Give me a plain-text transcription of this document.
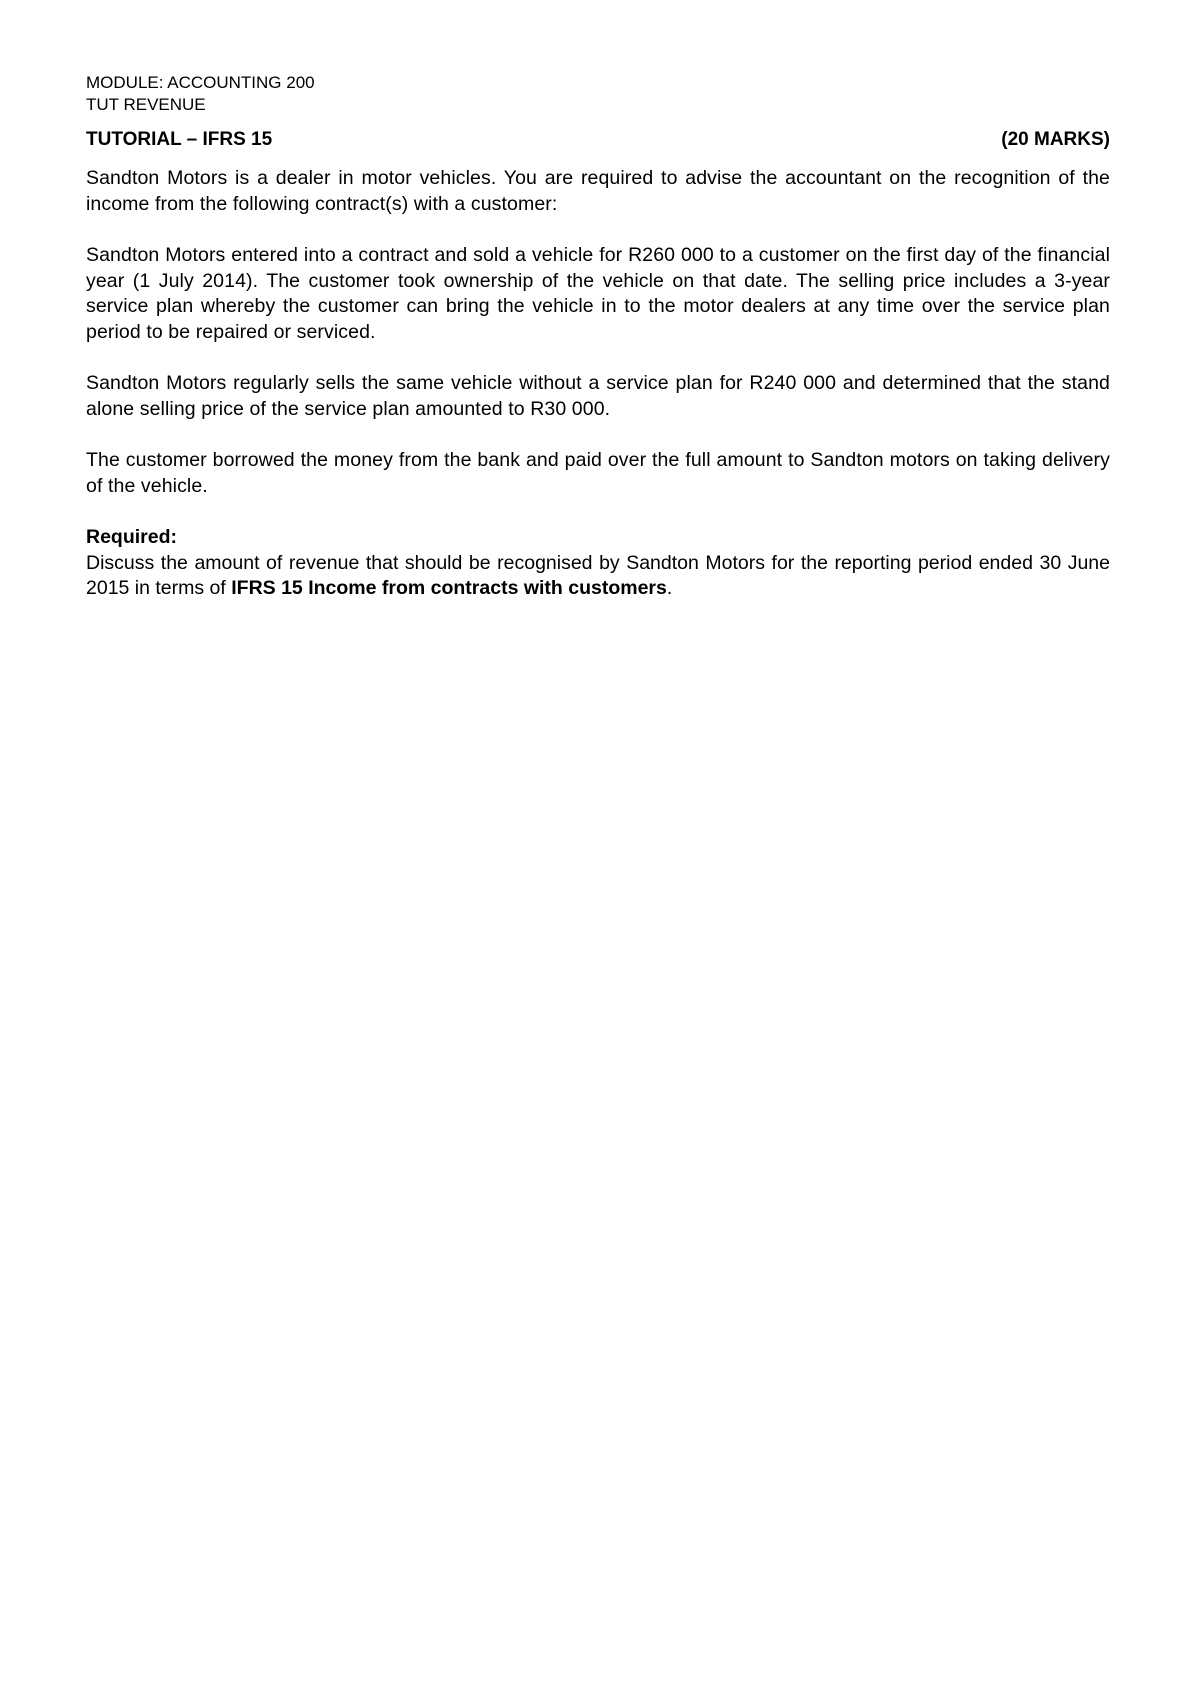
MODULE: ACCOUNTING 200

TUT REVENUE

TUTORIAL – IFRS 15	(20 MARKS)

Sandton Motors is a dealer in motor vehicles. You are required to advise the accountant on the recognition of the income from the following contract(s) with a customer:

Sandton Motors entered into a contract and sold a vehicle for R260 000 to a customer on the first day of the financial year (1 July 2014). The customer took ownership of the vehicle on that date. The selling price includes a 3-year service plan whereby the customer can bring the vehicle in to the motor dealers at any time over the service plan period to be repaired or serviced.

Sandton Motors regularly sells the same vehicle without a service plan for R240 000 and determined that the stand alone selling price of the service plan amounted to R30 000.

The customer borrowed the money from the bank and paid over the full amount to Sandton motors on taking delivery of the vehicle.

Required:

Discuss the amount of revenue that should be recognised by Sandton Motors for the reporting period ended 30 June 2015 in terms of IFRS 15 Income from contracts with customers.
